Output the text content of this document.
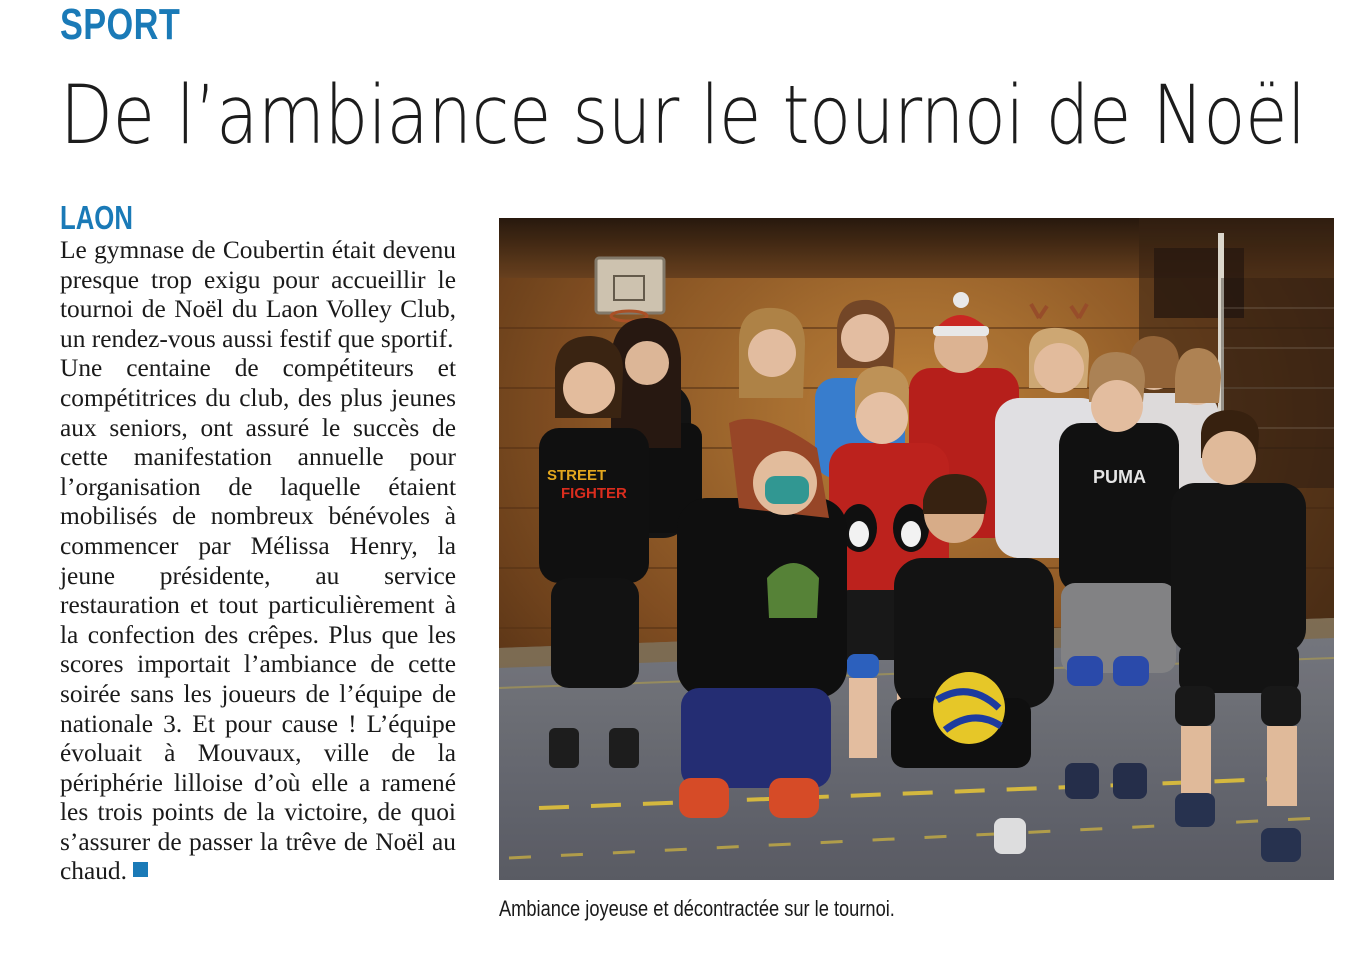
SPORT
De l’ambiance sur le tournoi de Noël
LAON

Le gymnase de Coubertin était devenu presque trop exigu pour accueillir le tournoi de Noël du Laon Volley Club, un rendez-vous aussi festif que sportif.

Une centaine de compétiteurs et compétitrices du club, des plus jeunes aux seniors, ont assuré le succès de cette manifestation annuelle pour l’organisation de laquelle étaient mobilisés de nombreux bénévoles à commencer par Mélissa Henry, la jeune présidente, au service restauration et tout particulièrement à la confection des crêpes. Plus que les scores importait l’ambiance de cette soirée sans les joueurs de l’équipe de nationale 3. Et pour cause ! L’équipe évoluait à Mouvaux, ville de la périphérie lilloise d’où elle a ramené les trois points de la victoire, de quoi s’assurer de passer la trêve de Noël au chaud.

STREET
FIGHTER
PUMA
Ambiance joyeuse et décontractée sur le tournoi.
